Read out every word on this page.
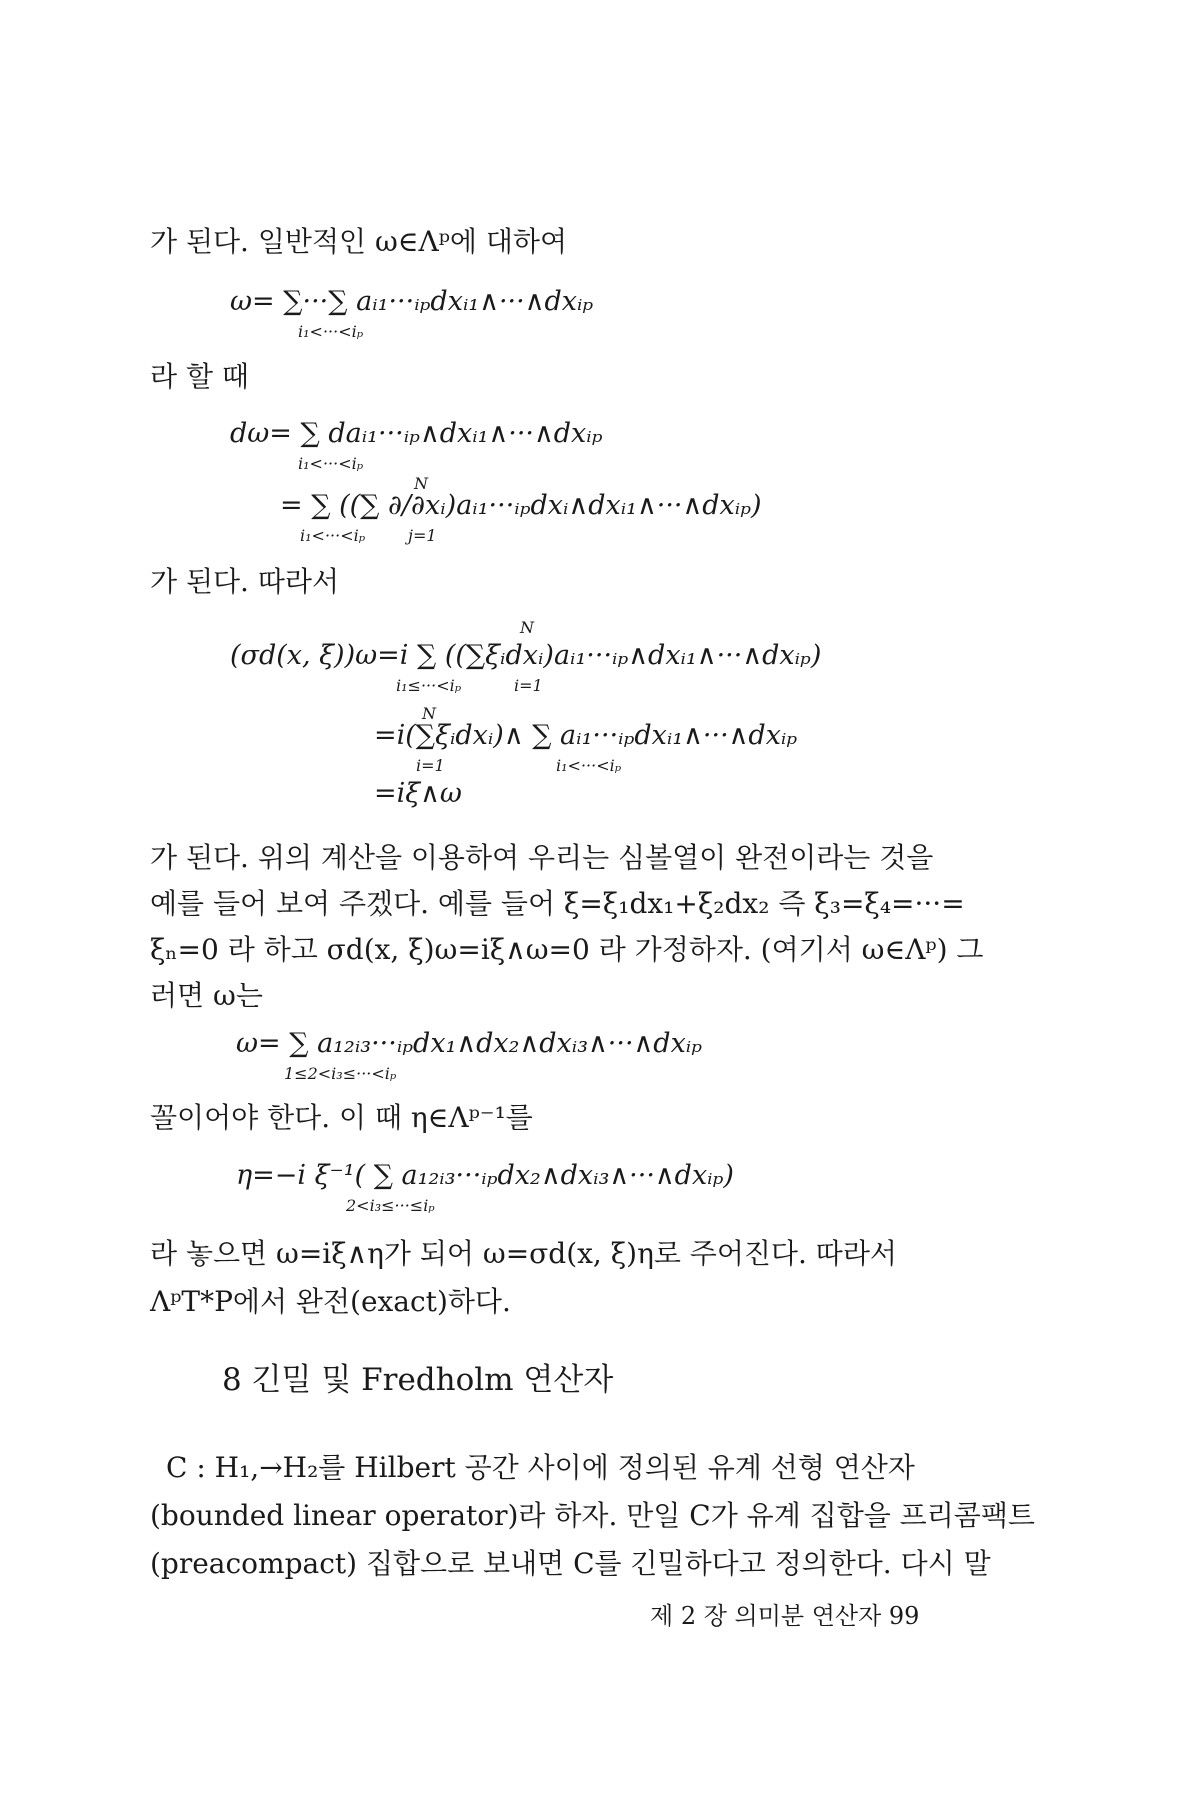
가 된다. 일반적인 ω∈Λᵖ에 대하여
ω= ∑···∑ aᵢ₁···ᵢₚdxᵢ₁∧···∧dxᵢₚ
i₁<···<iₚ
라 할 때
dω= ∑ daᵢ₁···ᵢₚ∧dxᵢ₁∧···∧dxᵢₚ
i₁<···<iₚ
= ∑ ((∑ ∂/∂xᵢ)aᵢ₁···ᵢₚdxᵢ∧dxᵢ₁∧···∧dxᵢₚ)
i₁<···<iₚ	j=1
N
가 된다. 따라서
(σd(x, ξ))ω=i ∑ ((∑ξᵢdxᵢ)aᵢ₁···ᵢₚ∧dxᵢ₁∧···∧dxᵢₚ)
i₁≤···<iₚ	i=1
N
=i(∑ξᵢdxᵢ)∧ ∑ aᵢ₁···ᵢₚdxᵢ₁∧···∧dxᵢₚ
i=1
N
i₁<···<iₚ
=iξ∧ω
가 된다. 위의 계산을 이용하여 우리는 심볼열이 완전이라는 것을
예를 들어 보여 주겠다. 예를 들어 ξ=ξ₁dx₁+ξ₂dx₂ 즉 ξ₃=ξ₄=···=
ξₙ=0 라 하고 σd(x, ξ)ω=iξ∧ω=0 라 가정하자. (여기서 ω∈Λᵖ) 그
러면 ω는
ω= ∑ a₁₂ᵢ₃···ᵢₚdx₁∧dx₂∧dxᵢ₃∧···∧dxᵢₚ
1≤2<i₃≤···<iₚ
꼴이어야 한다. 이 때 η∈Λᵖ⁻¹를
η=−i ξ⁻¹( ∑ a₁₂ᵢ₃···ᵢₚdx₂∧dxᵢ₃∧···∧dxᵢₚ)
2<i₃≤···≤iₚ
라 놓으면 ω=iξ∧η가 되어 ω=σd(x, ξ)η로 주어진다. 따라서
ΛᵖT*P에서 완전(exact)하다.
8 긴밀 및 Fredholm 연산자
C : H₁,→H₂를 Hilbert 공간 사이에 정의된 유계 선형 연산자
(bounded linear operator)라 하자. 만일 C가 유계 집합을 프리콤팩트
(preacompact) 집합으로 보내면 C를 긴밀하다고 정의한다. 다시 말
제 2 장 의미분 연산자 99
